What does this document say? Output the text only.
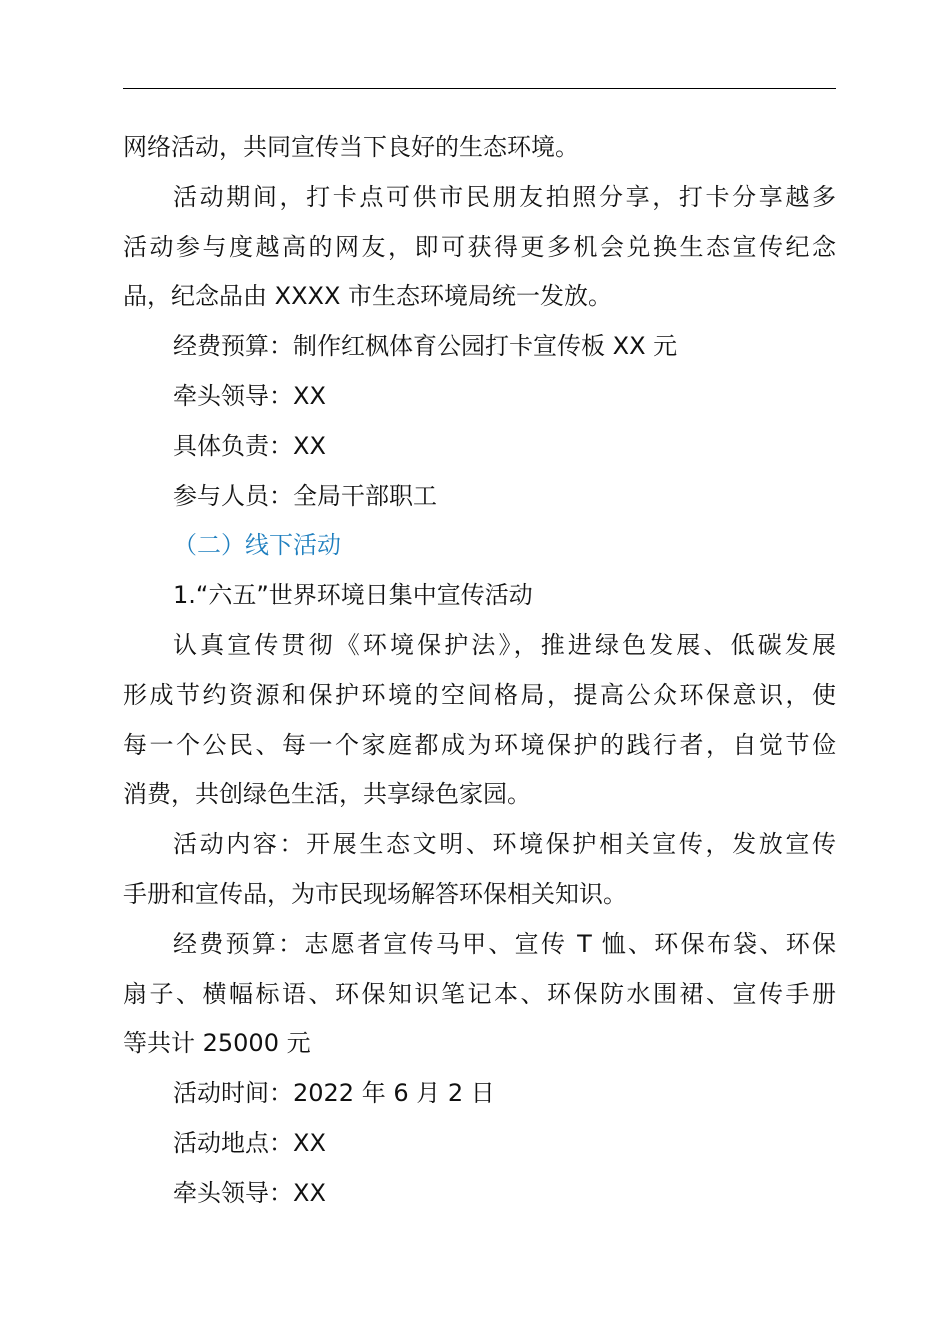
网络活动，共同宣传当下良好的生态环境。
活动期间，打卡点可供市民朋友拍照分享，打卡分享越多
活动参与度越高的网友，即可获得更多机会兑换生态宣传纪念
品，纪念品由 XXXX 市生态环境局统一发放。
经费预算：制作红枫体育公园打卡宣传板 XX 元
牵头领导：XX
具体负责：XX
参与人员：全局干部职工
（二）线下活动
1.“六五”世界环境日集中宣传活动
认真宣传贯彻《环境保护法》，推进绿色发展、低碳发展
形成节约资源和保护环境的空间格局，提高公众环保意识，使
每一个公民、每一个家庭都成为环境保护的践行者，自觉节俭
消费，共创绿色生活，共享绿色家园。
活动内容：开展生态文明、环境保护相关宣传，发放宣传
手册和宣传品，为市民现场解答环保相关知识。
经费预算：志愿者宣传马甲、宣传 T 恤、环保布袋、环保
扇子、横幅标语、环保知识笔记本、环保防水围裙、宣传手册
等共计 25000 元
活动时间：2022 年 6 月 2 日
活动地点：XX
牵头领导：XX
